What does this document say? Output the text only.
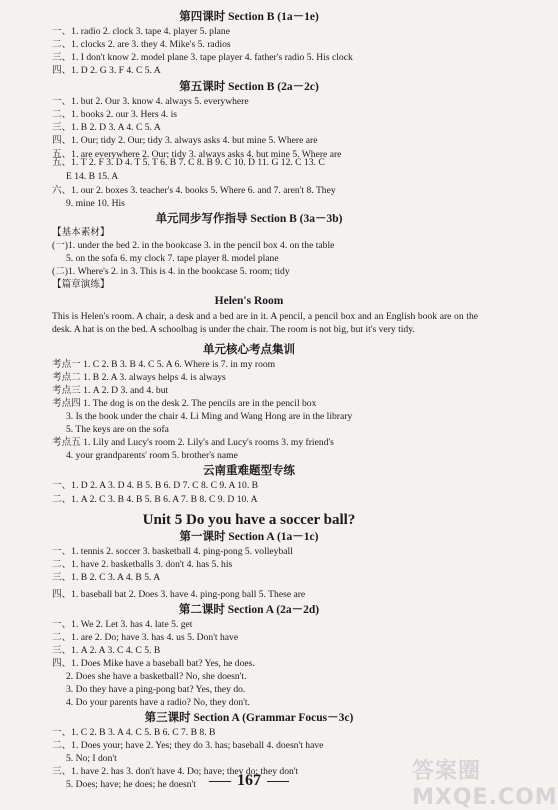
第四课时 Section B (1a－1e)
一、1. radio 2. clock 3. tape 4. player 5. plane
二、1. clocks 2. are 3. they 4. Mike's 5. radios
三、1. I don't know 2. model plane 3. tape player 4. father's radio 5. His clock
四、1. D 2. G 3. F 4. C 5. A
第五课时 Section B (2a－2c)
一、1. but 2. Our 3. know 4. always 5. everywhere
二、1. books 2. our 3. Hers 4. is
三、1. B 2. D 3. A 4. C 5. A
四、1. Our; tidy 2. Our; tidy 3. always asks 4. but mine 5. Where are
五、1. are everywhere 2. Our; tidy 3. always asks 4. but mine 5. Where are
五、1. T 2. F 3. D 4. T 5. T 6. B 7. C 8. B 9. C 10. D 11. G 12. C 13. C
E 14. B 15. A
六、1. our 2. boxes 3. teacher's 4. books 5. Where 6. and 7. aren't 8. They
9. mine 10. His
单元同步写作指导 Section B (3a－3b)
【基本素材】
(一)1. under the bed 2. in the bookcase 3. in the pencil box 4. on the table
5. on the sofa 6. my clock 7. tape player 8. model plane
(二)1. Where's 2. in 3. This is 4. in the bookcase 5. room; tidy
【篇章演练】
Helen's Room
单元核心考点集训
考点一 1. C 2. B 3. B 4. C 5. A 6. Where is 7. in my room
考点二 1. B 2. A 3. always helps 4. is always
考点三 1. A 2. D 3. and 4. but
考点四 1. The dog is on the desk 2. The pencils are in the pencil box
3. Is the book under the chair 4. Li Ming and Wang Hong are in the library
5. The keys are on the sofa
考点五 1. Lily and Lucy's room 2. Lily's and Lucy's rooms 3. my friend's
4. your grandparents' room 5. brother's name
云南重难题型专练
一、1. D 2. A 3. D 4. B 5. B 6. D 7. C 8. C 9. A 10. B
二、1. A 2. C 3. B 4. B 5. B 6. A 7. B 8. C 9. D 10. A
Unit 5 Do you have a soccer ball?
第一课时 Section A (1a－1c)
一、1. tennis 2. soccer 3. basketball 4. ping-pong 5. volleyball
二、1. have 2. basketballs 3. don't 4. has 5. his
三、1. B 2. C 3. A 4. B 5. A
四、1. baseball bat 2. Does 3. have 4. ping-pong ball 5. These are
第二课时 Section A (2a－2d)
一、1. We 2. Let 3. has 4. late 5. get
二、1. are 2. Do; have 3. has 4. us 5. Don't have
三、1. A 2. A 3. C 4. C 5. B
四、1. Does Mike have a baseball bat? Yes, he does.
2. Does she have a basketball? No, she doesn't.
3. Do they have a ping-pong bat? Yes, they do.
4. Do your parents have a radio? No, they don't.
第三课时 Section A (Grammar Focus－3c)
一、1. C 2. B 3. A 4. C 5. B 6. C 7. B 8. B
二、1. Does your; have 2. Yes; they do 3. has; baseball 4. doesn't have
5. No; I don't
三、1. have 2. has 3. don't have 4. Do; have; they do; they don't
5. Does; have; he does; he doesn't
This is Helen's room. A chair, a desk and a bed are in it. A pencil, a pencil box and an English book are on the desk. A hat is on the bed. A schoolbag is under the chair. The room is not big, but it's very tidy.
167	答案圈 MXQE.COM
